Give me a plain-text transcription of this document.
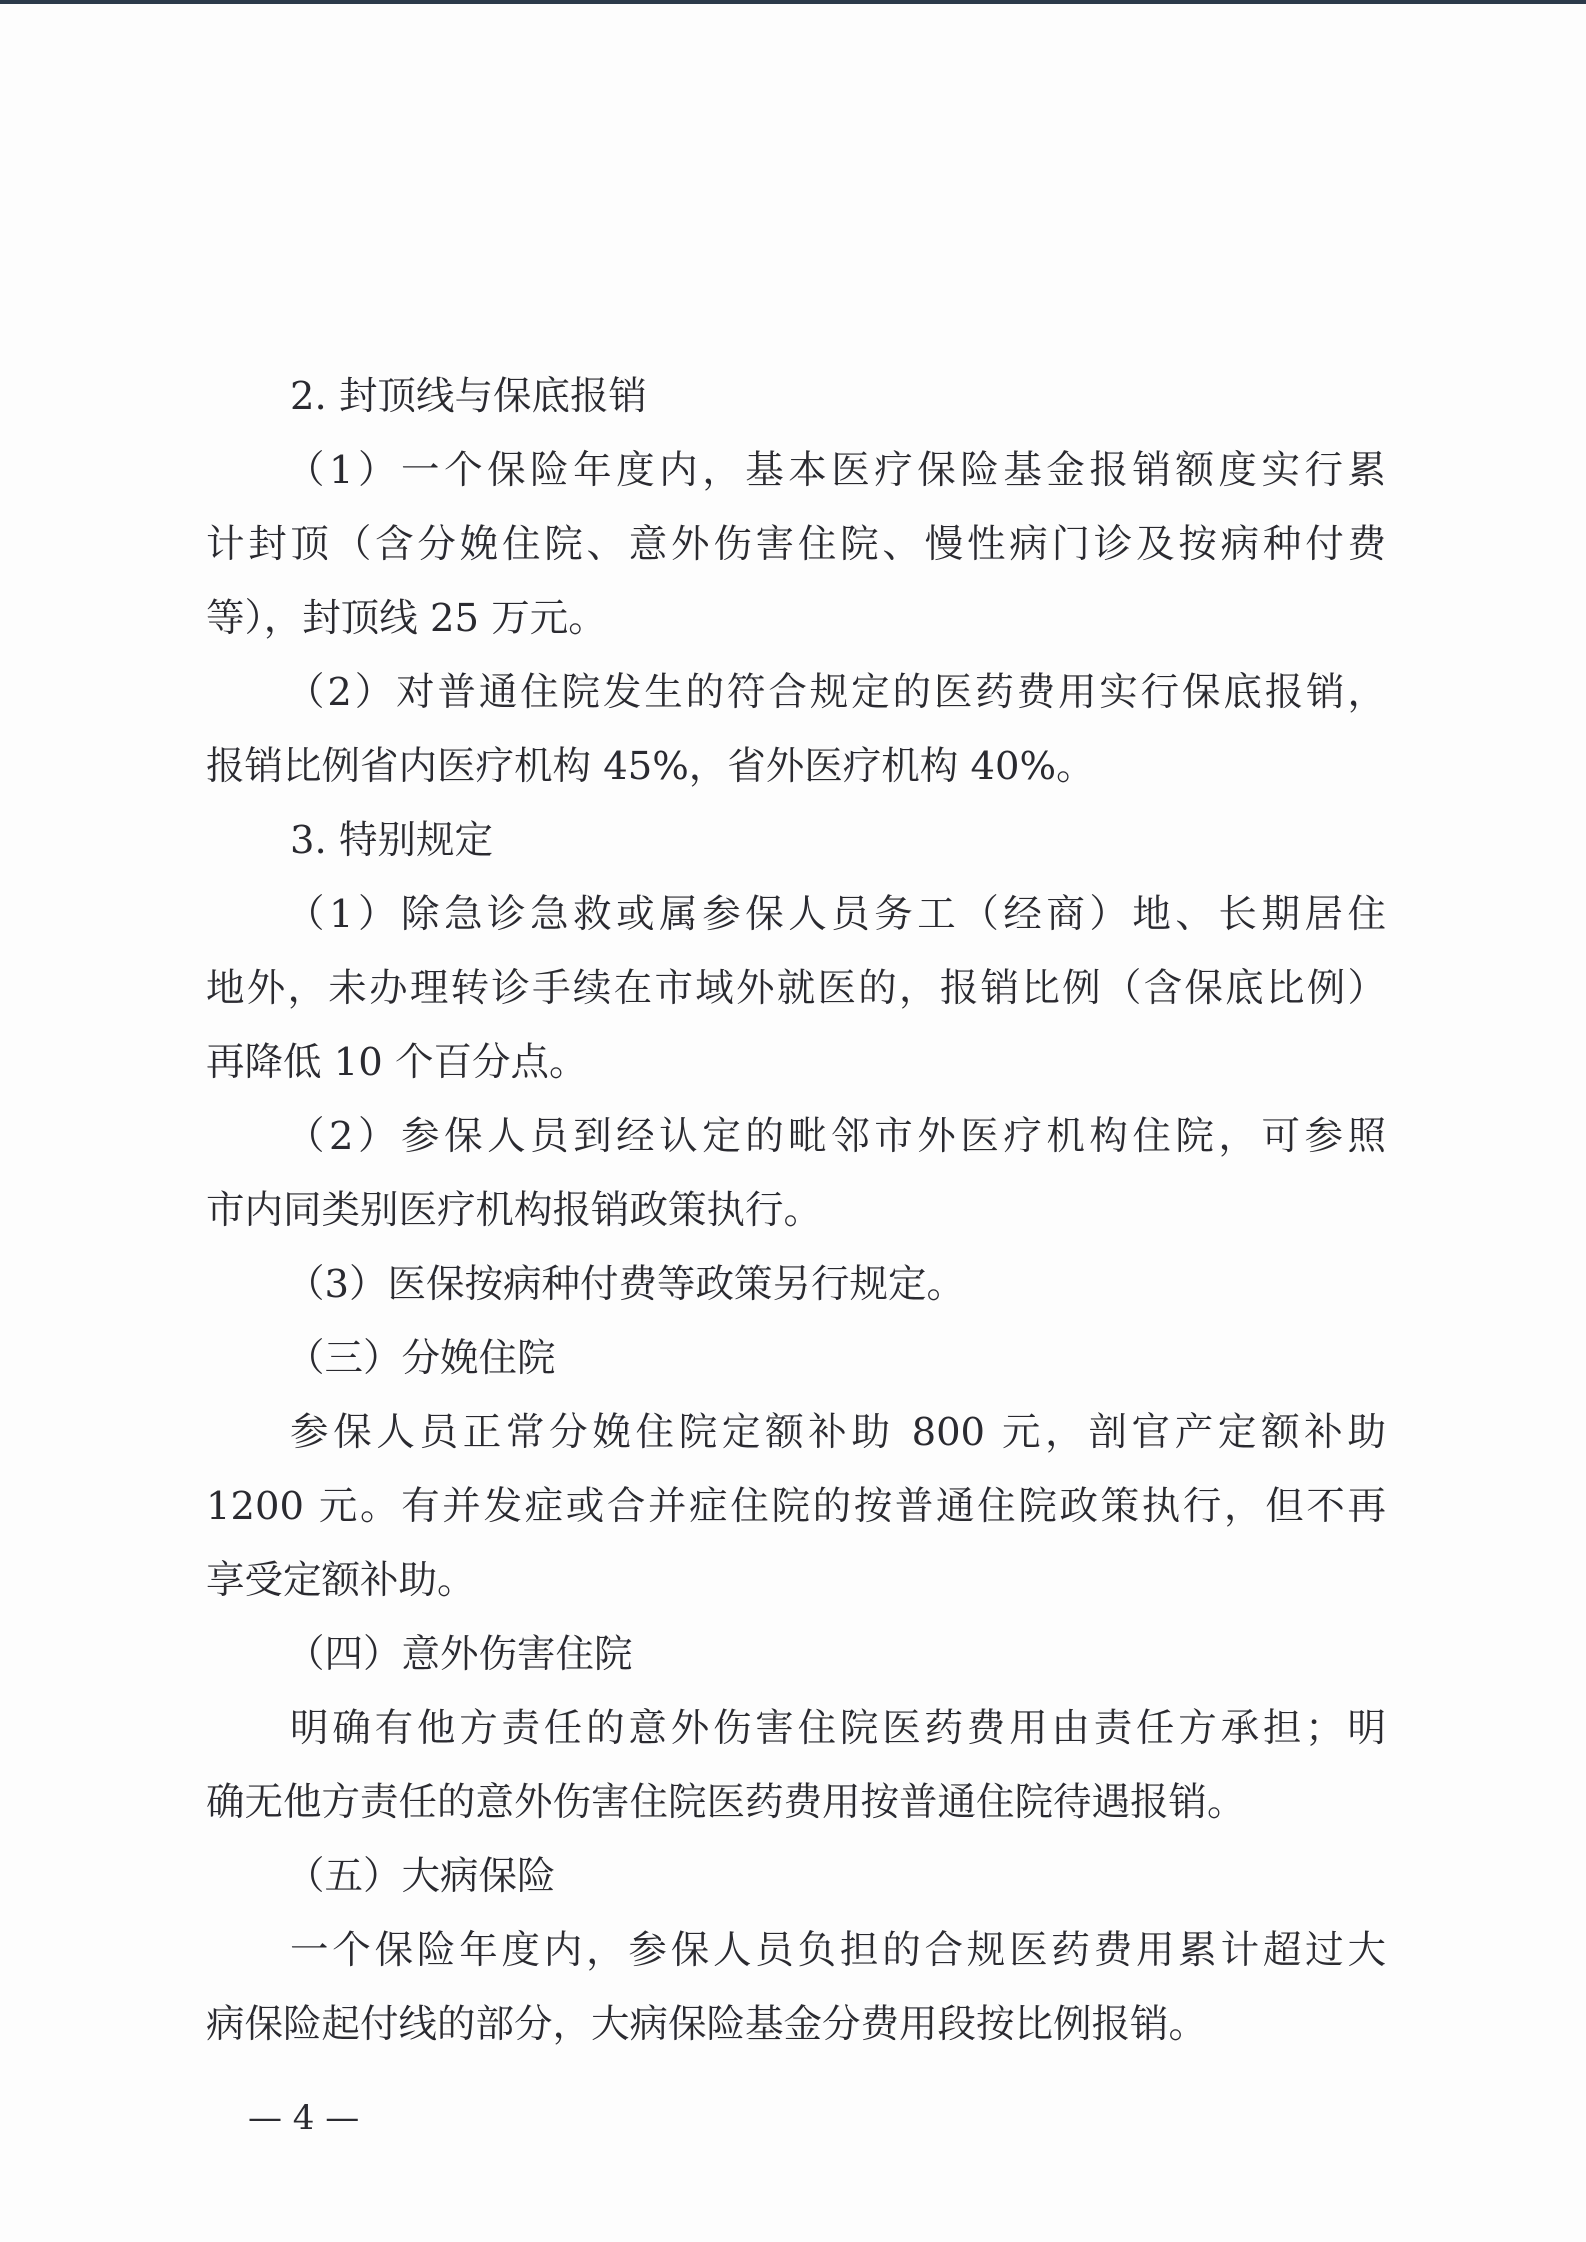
2. 封顶线与保底报销
（1）一个保险年度内，基本医疗保险基金报销额度实行累
计封顶（含分娩住院、意外伤害住院、慢性病门诊及按病种付费
等），封顶线 25 万元。
（2）对普通住院发生的符合规定的医药费用实行保底报销，
报销比例省内医疗机构 45%，省外医疗机构 40%。
3. 特别规定
（1）除急诊急救或属参保人员务工（经商）地、长期居住
地外，未办理转诊手续在市域外就医的，报销比例（含保底比例）
再降低 10 个百分点。
（2）参保人员到经认定的毗邻市外医疗机构住院，可参照
市内同类别医疗机构报销政策执行。
（3）医保按病种付费等政策另行规定。
（三）分娩住院
参保人员正常分娩住院定额补助 800 元，剖官产定额补助
1200 元。有并发症或合并症住院的按普通住院政策执行，但不再
享受定额补助。
（四）意外伤害住院
明确有他方责任的意外伤害住院医药费用由责任方承担；明
确无他方责任的意外伤害住院医药费用按普通住院待遇报销。
（五）大病保险
一个保险年度内，参保人员负担的合规医药费用累计超过大
病保险起付线的部分，大病保险基金分费用段按比例报销。
— 4 —
